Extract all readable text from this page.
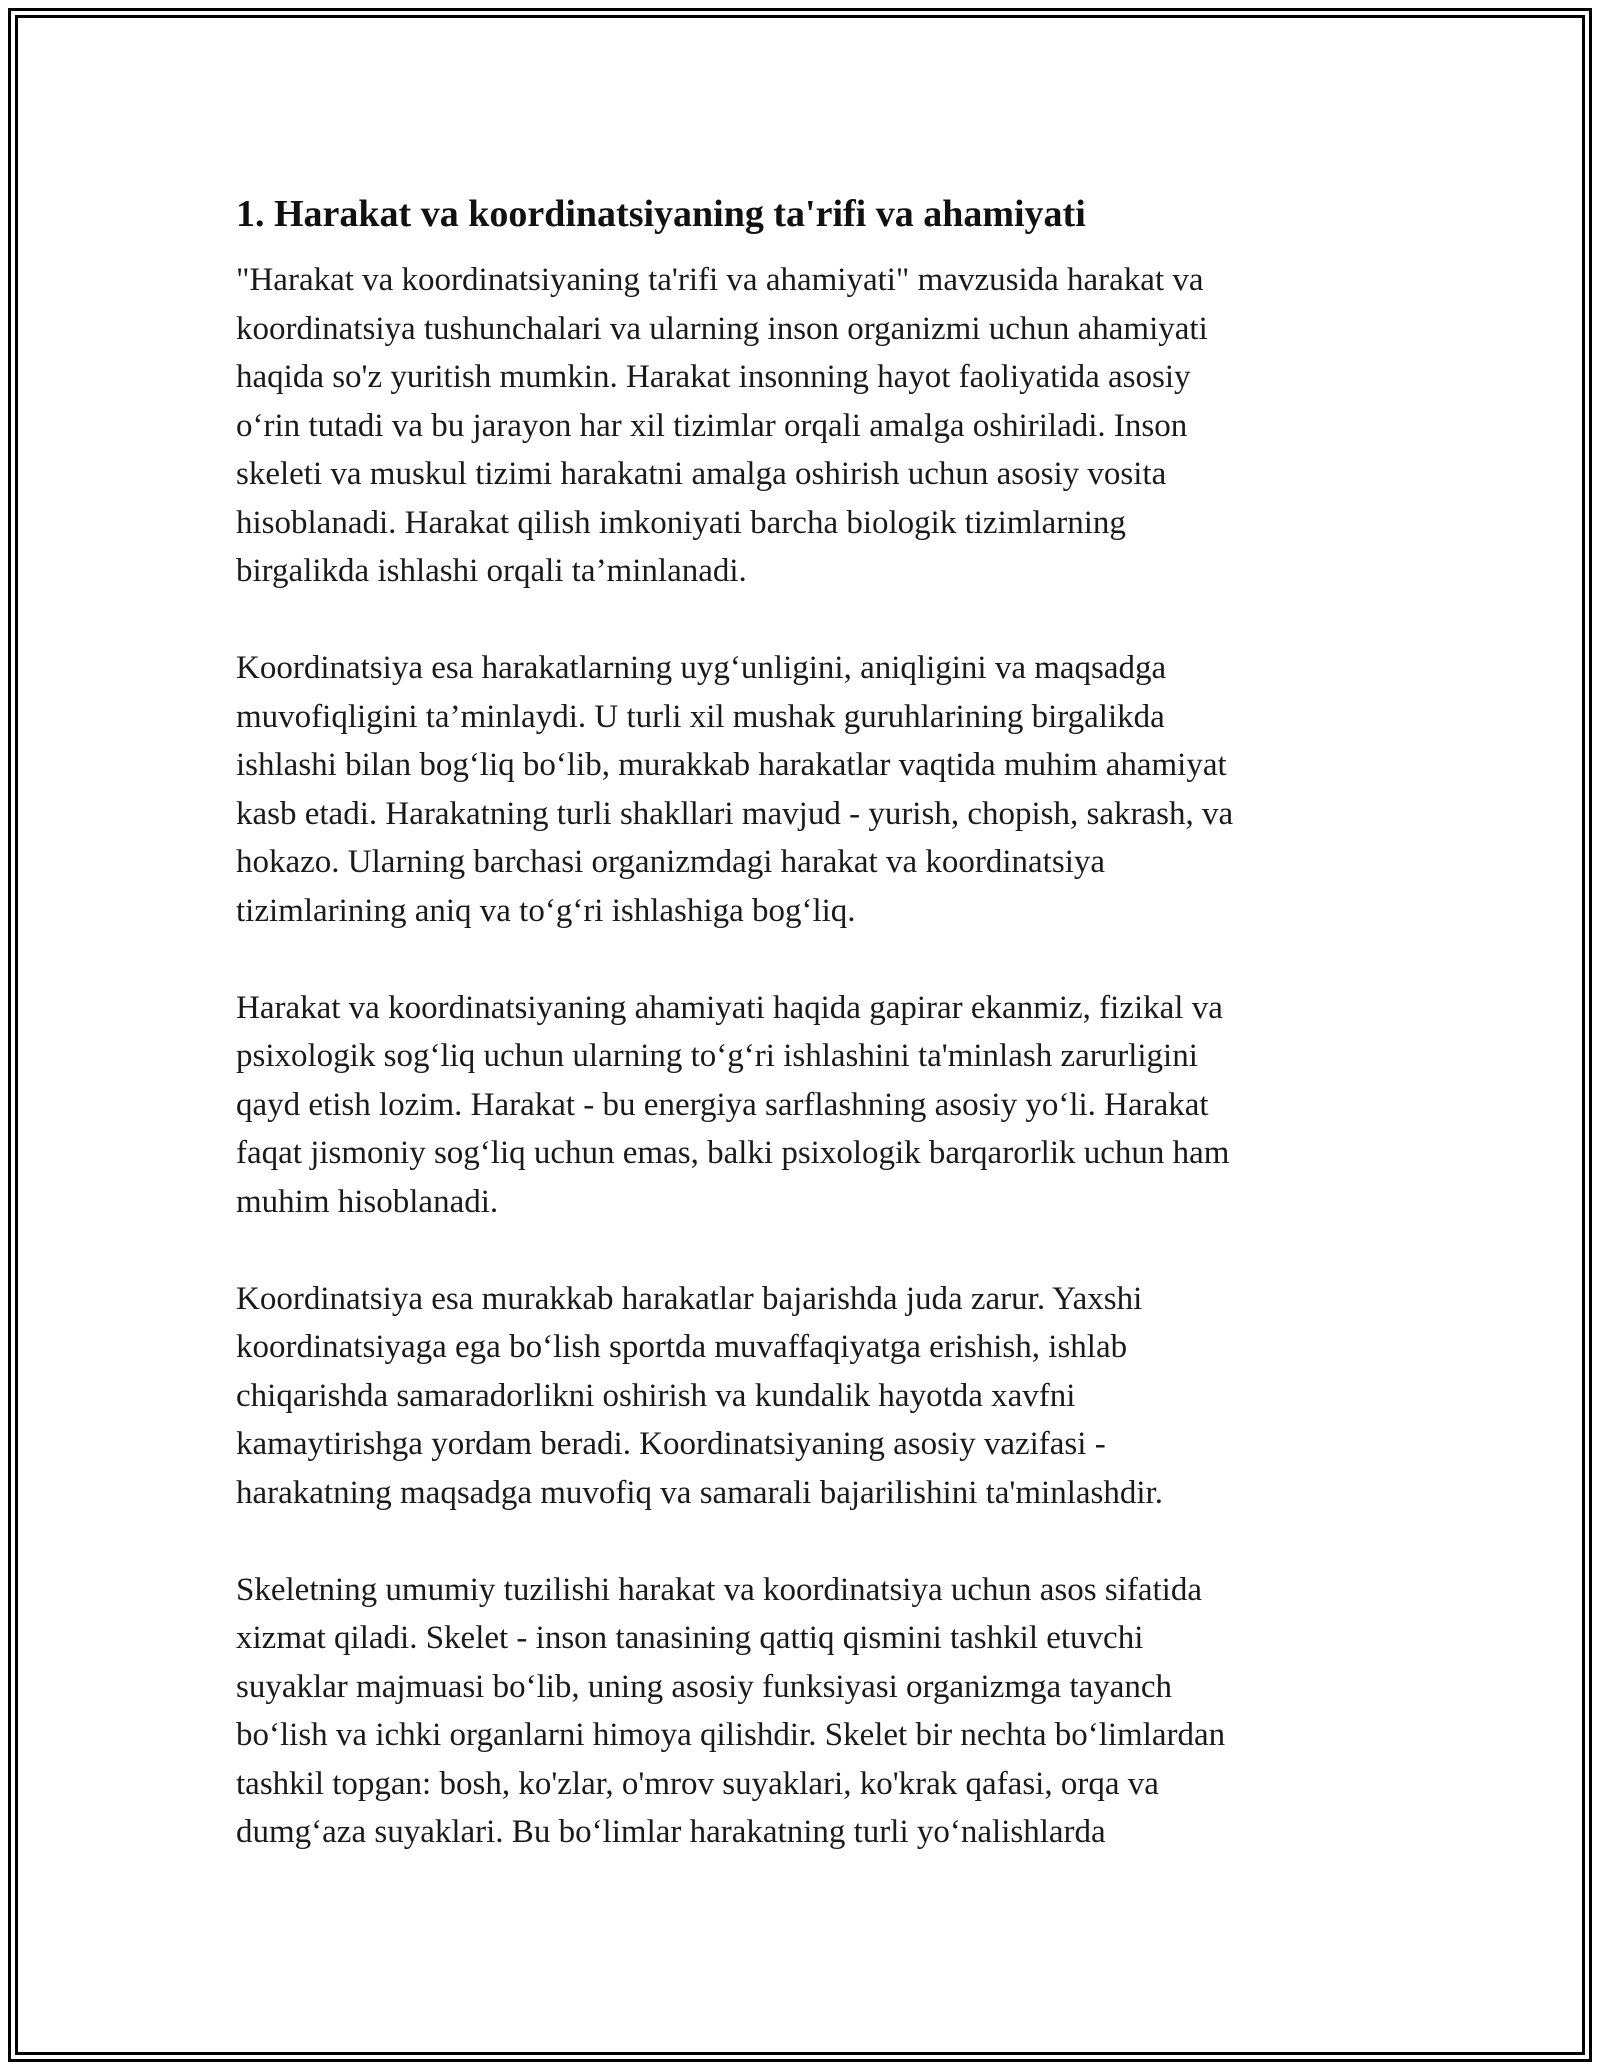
1. Harakat va koordinatsiyaning ta'rifi va ahamiyati

"Harakat va koordinatsiyaning ta'rifi va ahamiyati" mavzusida harakat va
koordinatsiya tushunchalari va ularning inson organizmi uchun ahamiyati
haqida so'z yuritish mumkin. Harakat insonning hayot faoliyatida asosiy
o‘rin tutadi va bu jarayon har xil tizimlar orqali amalga oshiriladi. Inson
skeleti va muskul tizimi harakatni amalga oshirish uchun asosiy vosita
hisoblanadi. Harakat qilish imkoniyati barcha biologik tizimlarning
birgalikda ishlashi orqali ta’minlanadi.

Koordinatsiya esa harakatlarning uyg‘unligini, aniqligini va maqsadga
muvofiqligini ta’minlaydi. U turli xil mushak guruhlarining birgalikda
ishlashi bilan bog‘liq bo‘lib, murakkab harakatlar vaqtida muhim ahamiyat
kasb etadi. Harakatning turli shakllari mavjud - yurish, chopish, sakrash, va
hokazo. Ularning barchasi organizmdagi harakat va koordinatsiya
tizimlarining aniq va to‘g‘ri ishlashiga bog‘liq.

Harakat va koordinatsiyaning ahamiyati haqida gapirar ekanmiz, fizikal va
psixologik sog‘liq uchun ularning to‘g‘ri ishlashini ta'minlash zarurligini
qayd etish lozim. Harakat - bu energiya sarflashning asosiy yo‘li. Harakat
faqat jismoniy sog‘liq uchun emas, balki psixologik barqarorlik uchun ham
muhim hisoblanadi.

Koordinatsiya esa murakkab harakatlar bajarishda juda zarur. Yaxshi
koordinatsiyaga ega bo‘lish sportda muvaffaqiyatga erishish, ishlab
chiqarishda samaradorlikni oshirish va kundalik hayotda xavfni
kamaytirishga yordam beradi. Koordinatsiyaning asosiy vazifasi -
harakatning maqsadga muvofiq va samarali bajarilishini ta'minlashdir.

Skeletning umumiy tuzilishi harakat va koordinatsiya uchun asos sifatida
xizmat qiladi. Skelet - inson tanasining qattiq qismini tashkil etuvchi
suyaklar majmuasi bo‘lib, uning asosiy funksiyasi organizmga tayanch
bo‘lish va ichki organlarni himoya qilishdir. Skelet bir nechta bo‘limlardan
tashkil topgan: bosh, ko'zlar, o'mrov suyaklari, ko'krak qafasi, orqa va
dumg‘aza suyaklari. Bu bo‘limlar harakatning turli yo‘nalishlarda
